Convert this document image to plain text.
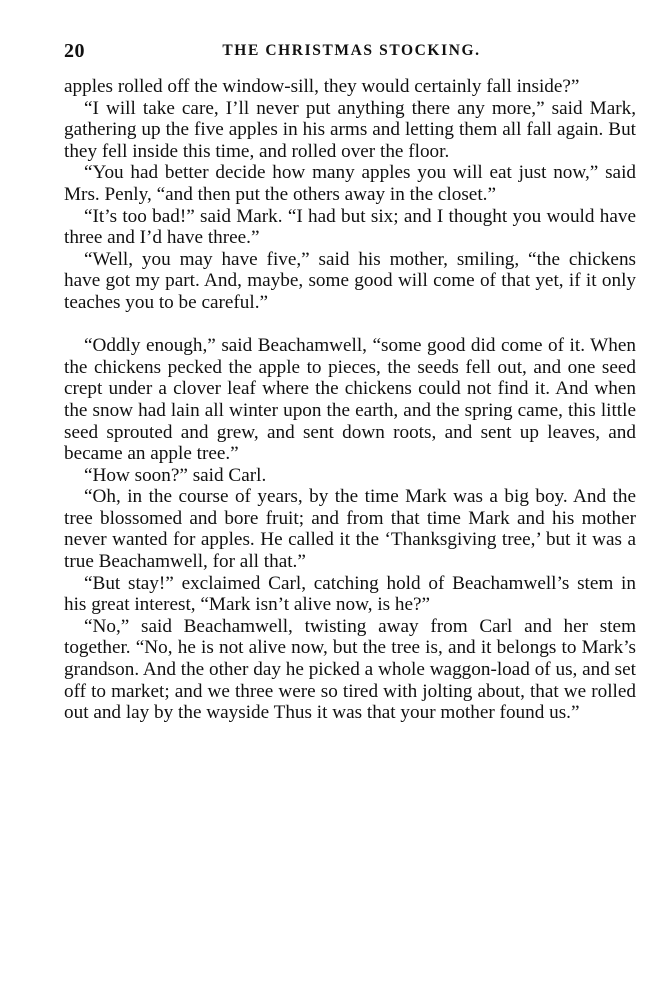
20	THE CHRISTMAS STOCKING.

apples rolled off the window-sill, they would certainly fall inside?”

“I will take care, I’ll never put anything there any more,” said Mark, gathering up the five apples in his arms and letting them all fall again. But they fell inside this time, and rolled over the floor.

“You had better decide how many apples you will eat just now,” said Mrs. Penly, “and then put the others away in the closet.”

“It’s too bad!” said Mark. “I had but six; and I thought you would have three and I’d have three.”

“Well, you may have five,” said his mother, smiling, “the chickens have got my part. And, maybe, some good will come of that yet, if it only teaches you to be careful.”

“Oddly enough,” said Beachamwell, “some good did come of it. When the chickens pecked the apple to pieces, the seeds fell out, and one seed crept under a clover leaf where the chickens could not find it. And when the snow had lain all winter upon the earth, and the spring came, this little seed sprouted and grew, and sent down roots, and sent up leaves, and became an apple tree.”

“How soon?” said Carl.

“Oh, in the course of years, by the time Mark was a big boy. And the tree blossomed and bore fruit; and from that time Mark and his mother never wanted for apples. He called it the ‘Thanksgiving tree,’ but it was a true Beachamwell, for all that.”

“But stay!” exclaimed Carl, catching hold of Beachamwell’s stem in his great interest, “Mark isn’t alive now, is he?”

“No,” said Beachamwell, twisting away from Carl and her stem together. “No, he is not alive now, but the tree is, and it belongs to Mark’s grandson. And the other day he picked a whole waggon-load of us, and set off to market; and we three were so tired with jolting about, that we rolled out and lay by the wayside Thus it was that your mother found us.”
